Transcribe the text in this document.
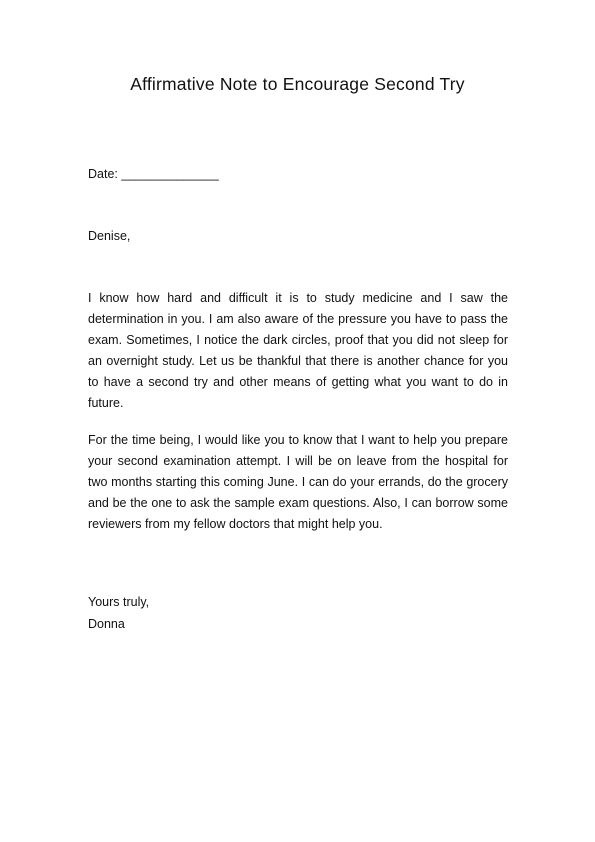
Affirmative Note to Encourage Second Try
Date: ______________
Denise,

I know how hard and difficult it is to study medicine and I saw the determination in you. I am also aware of the pressure you have to pass the exam. Sometimes, I notice the dark circles, proof that you did not sleep for an overnight study. Let us be thankful that there is another chance for you to have a second try and other means of getting what you want to do in future.

For the time being, I would like you to know that I want to help you prepare your second examination attempt. I will be on leave from the hospital for two months starting this coming June. I can do your errands, do the grocery and be the one to ask the sample exam questions. Also, I can borrow some reviewers from my fellow doctors that might help you.

Yours truly,
Donna
